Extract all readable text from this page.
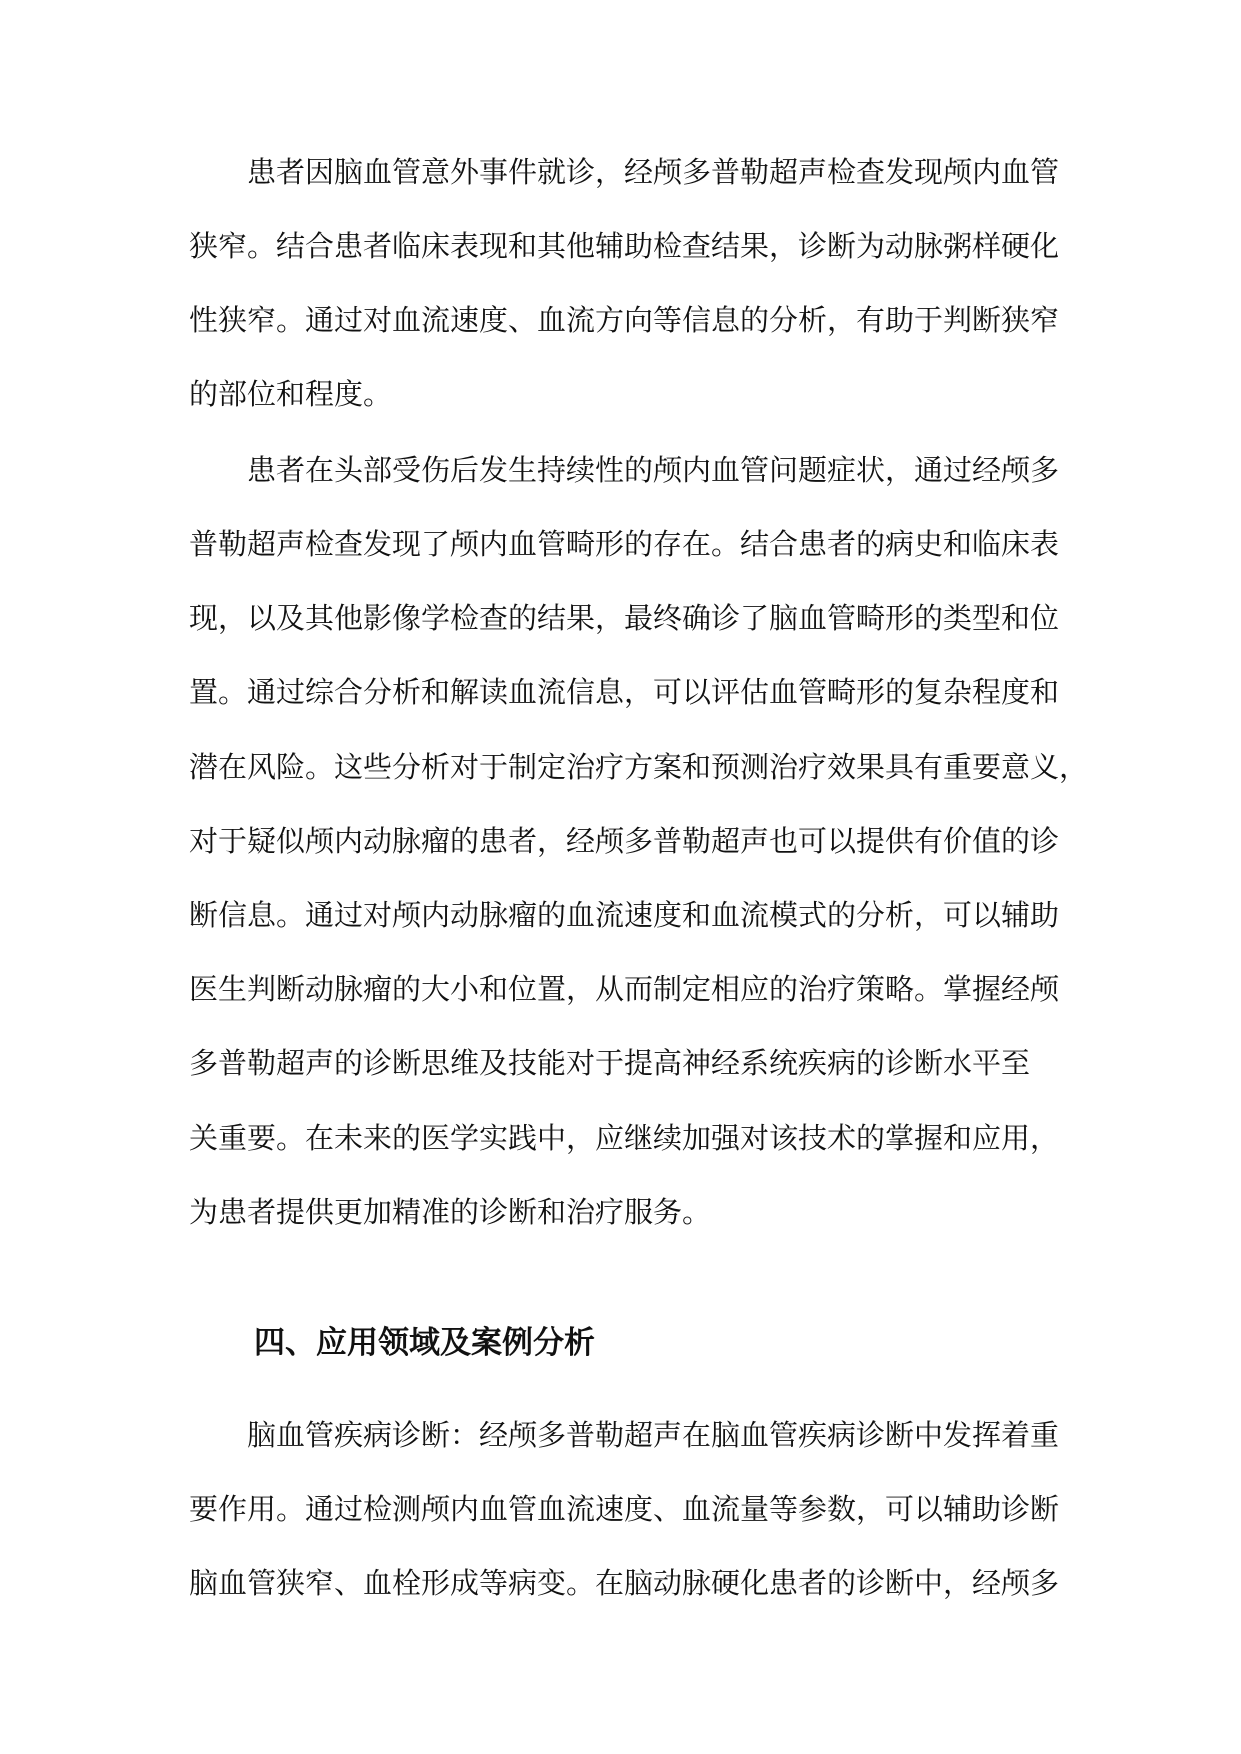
患者因脑血管意外事件就诊，经颅多普勒超声检查发现颅内血管
狭窄。结合患者临床表现和其他辅助检查结果，诊断为动脉粥样硬化
性狭窄。通过对血流速度、血流方向等信息的分析，有助于判断狭窄
的部位和程度。
患者在头部受伤后发生持续性的颅内血管问题症状，通过经颅多
普勒超声检查发现了颅内血管畸形的存在。结合患者的病史和临床表
现，以及其他影像学检查的结果，最终确诊了脑血管畸形的类型和位
置。通过综合分析和解读血流信息，可以评估血管畸形的复杂程度和
潜在风险。这些分析对于制定治疗方案和预测治疗效果具有重要意义，
对于疑似颅内动脉瘤的患者，经颅多普勒超声也可以提供有价值的诊
断信息。通过对颅内动脉瘤的血流速度和血流模式的分析，可以辅助
医生判断动脉瘤的大小和位置，从而制定相应的治疗策略。掌握经颅
多普勒超声的诊断思维及技能对于提高神经系统疾病的诊断水平至
关重要。在未来的医学实践中，应继续加强对该技术的掌握和应用，
为患者提供更加精准的诊断和治疗服务。
四、应用领域及案例分析
脑血管疾病诊断：经颅多普勒超声在脑血管疾病诊断中发挥着重
要作用。通过检测颅内血管血流速度、血流量等参数，可以辅助诊断
脑血管狭窄、血栓形成等病变。在脑动脉硬化患者的诊断中，经颅多
